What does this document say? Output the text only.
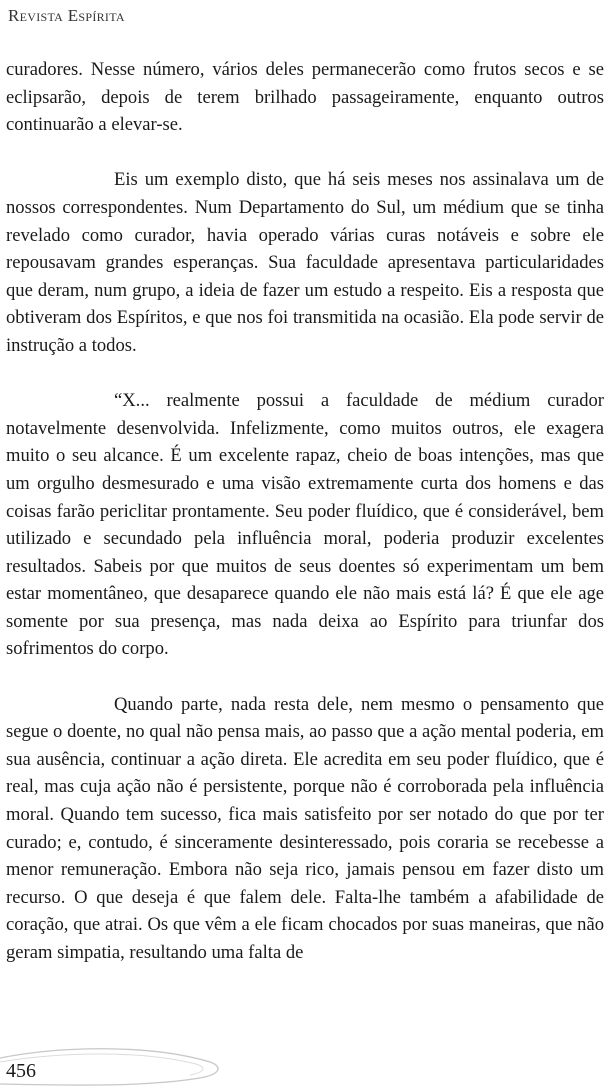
Revista Espírita

curadores. Nesse número, vários deles permanecerão como frutos secos e se eclipsarão, depois de terem brilhado passageiramente, enquanto outros continuarão a elevar-se.

Eis um exemplo disto, que há seis meses nos assinalava um de nossos correspondentes. Num Departamento do Sul, um médium que se tinha revelado como curador, havia operado várias curas notáveis e sobre ele repousavam grandes esperanças. Sua faculdade apresentava particularidades que deram, num grupo, a ideia de fazer um estudo a respeito. Eis a resposta que obtiveram dos Espíritos, e que nos foi transmitida na ocasião. Ela pode servir de instrução a todos.

“X... realmente possui a faculdade de médium curador notavelmente desenvolvida. Infelizmente, como muitos outros, ele exagera muito o seu alcance. É um excelente rapaz, cheio de boas intenções, mas que um orgulho desmesurado e uma visão extremamente curta dos homens e das coisas farão periclitar prontamente. Seu poder fluídico, que é considerável, bem utilizado e secundado pela influência moral, poderia produzir excelentes resultados. Sabeis por que muitos de seus doentes só experimentam um bem estar momentâneo, que desaparece quando ele não mais está lá? É que ele age somente por sua presença, mas nada deixa ao Espírito para triunfar dos sofrimentos do corpo.

Quando parte, nada resta dele, nem mesmo o pensamento que segue o doente, no qual não pensa mais, ao passo que a ação mental poderia, em sua ausência, continuar a ação direta. Ele acredita em seu poder fluídico, que é real, mas cuja ação não é persistente, porque não é corroborada pela influência moral. Quando tem sucesso, fica mais satisfeito por ser notado do que por ter curado; e, contudo, é sinceramente desinteressado, pois coraria se recebesse a menor remuneração. Embora não seja rico, jamais pensou em fazer disto um recurso. O que deseja é que falem dele. Falta-lhe também a afabilidade de coração, que atrai. Os que vêm a ele ficam chocados por suas maneiras, que não geram simpatia, resultando uma falta de

456
